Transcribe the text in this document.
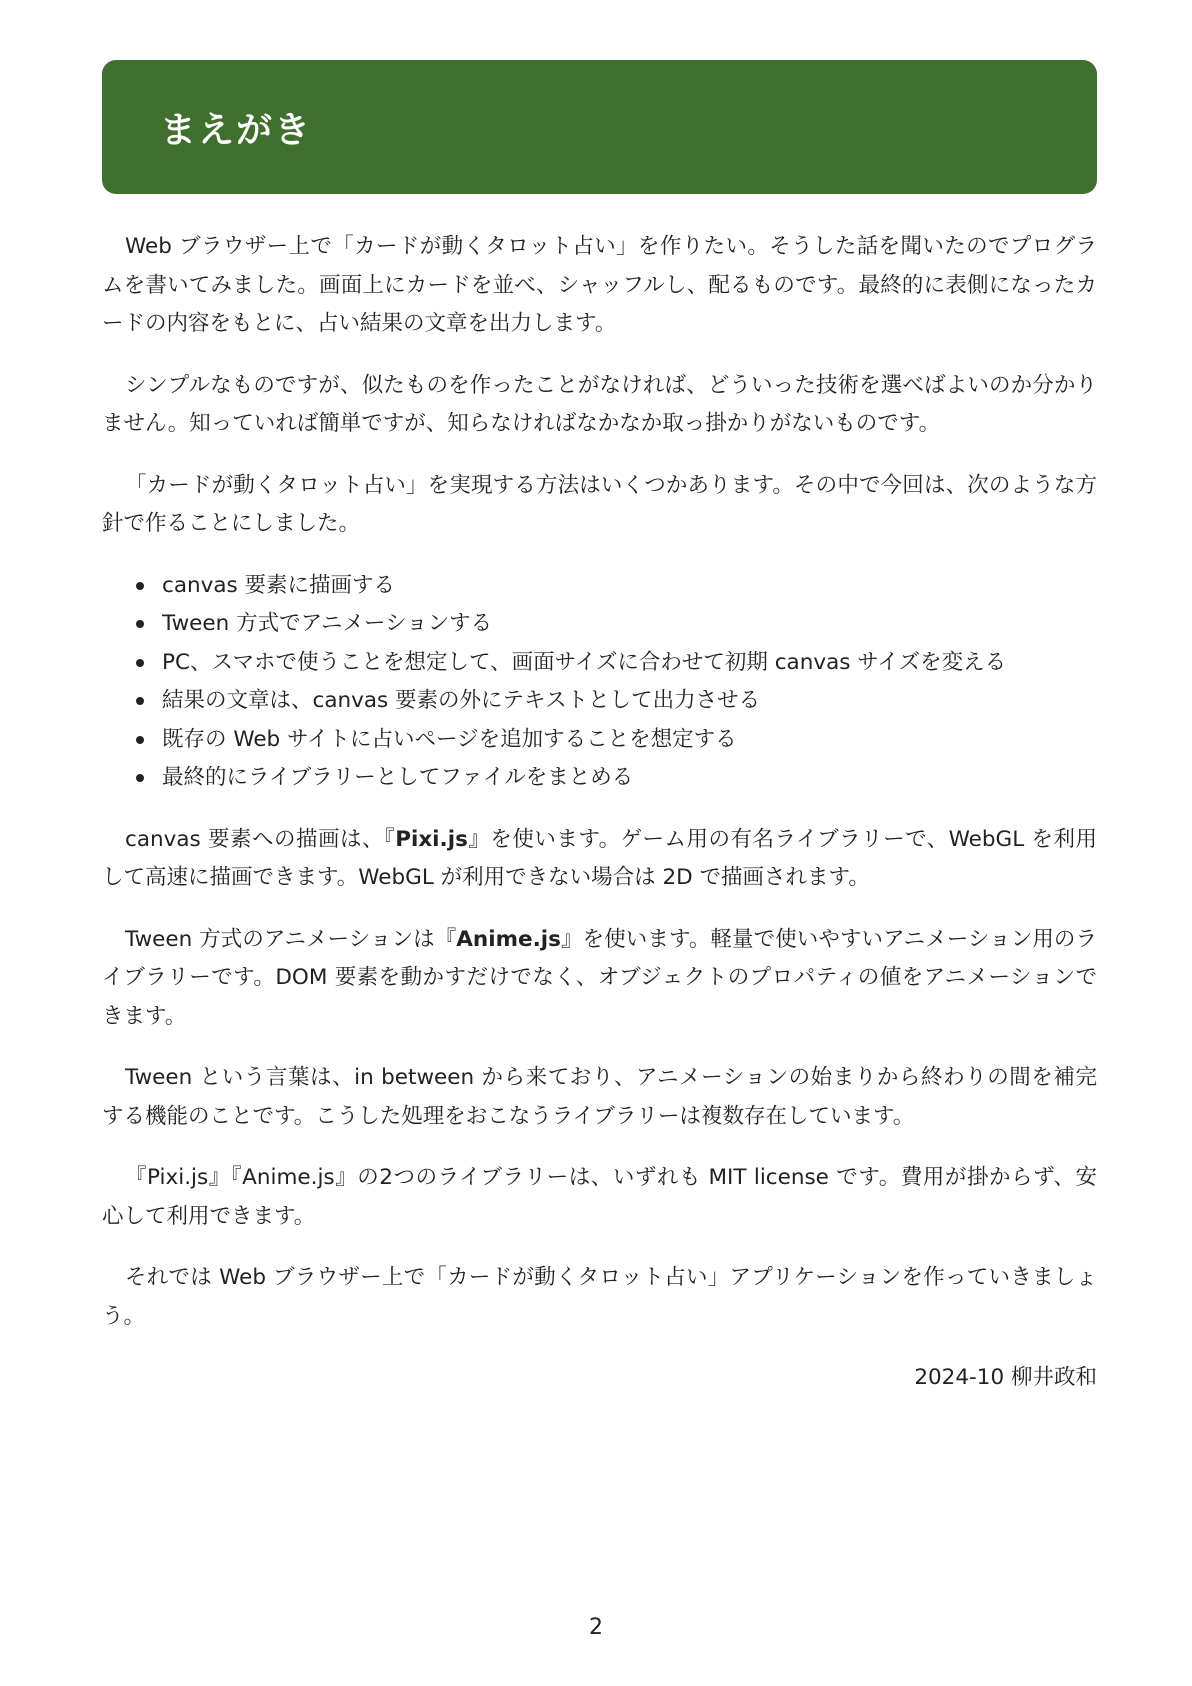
まえがき

Web ブラウザー上で「カードが動くタロット占い」を作りたい。そうした話を聞いたのでプログラムを書いてみました。画面上にカードを並べ、シャッフルし、配るものです。最終的に表側になったカードの内容をもとに、占い結果の文章を出力します。

シンプルなものですが、似たものを作ったことがなければ、どういった技術を選べばよいのか分かりません。知っていれば簡単ですが、知らなければなかなか取っ掛かりがないものです。

「カードが動くタロット占い」を実現する方法はいくつかあります。その中で今回は、次のような方針で作ることにしました。

canvas 要素に描画する
Tween 方式でアニメーションする
PC、スマホで使うことを想定して、画面サイズに合わせて初期 canvas サイズを変える
結果の文章は、canvas 要素の外にテキストとして出力させる
既存の Web サイトに占いページを追加することを想定する
最終的にライブラリーとしてファイルをまとめる

canvas 要素への描画は、『Pixi.js』を使います。ゲーム用の有名ライブラリーで、WebGL を利用して高速に描画できます。WebGL が利用できない場合は 2D で描画されます。

Tween 方式のアニメーションは『Anime.js』を使います。軽量で使いやすいアニメーション用のライブラリーです。DOM 要素を動かすだけでなく、オブジェクトのプロパティの値をアニメーションできます。

Tween という言葉は、in between から来ており、アニメーションの始まりから終わりの間を補完する機能のことです。こうした処理をおこなうライブラリーは複数存在しています。

『Pixi.js』『Anime.js』の2つのライブラリーは、いずれも MIT license です。費用が掛からず、安心して利用できます。

それでは Web ブラウザー上で「カードが動くタロット占い」アプリケーションを作っていきましょう。

2024-10 柳井政和

2
